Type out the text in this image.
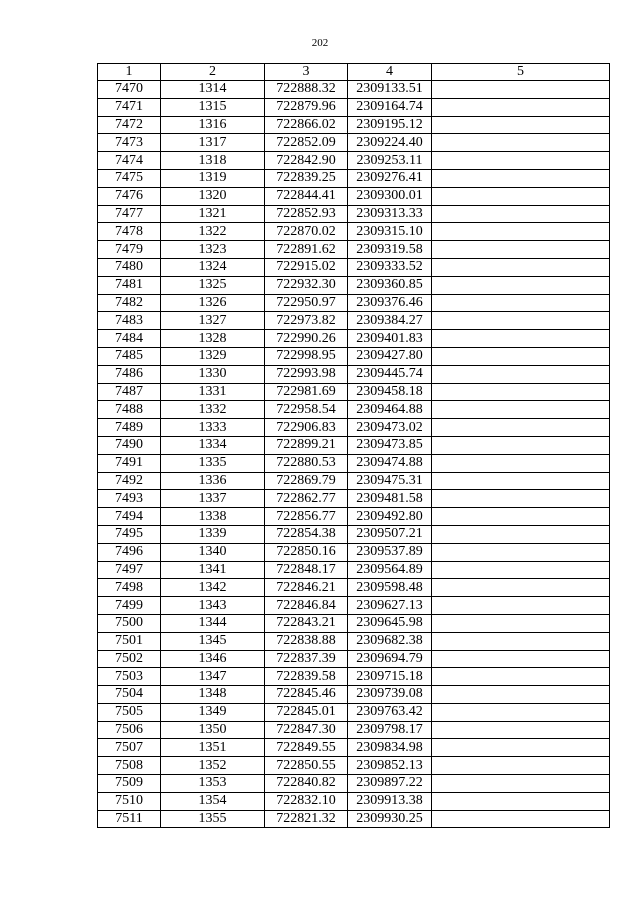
202
1	2	3	4	5
7470	1314	722888.32	2309133.51	
7471	1315	722879.96	2309164.74	
7472	1316	722866.02	2309195.12	
7473	1317	722852.09	2309224.40	
7474	1318	722842.90	2309253.11	
7475	1319	722839.25	2309276.41	
7476	1320	722844.41	2309300.01	
7477	1321	722852.93	2309313.33	
7478	1322	722870.02	2309315.10	
7479	1323	722891.62	2309319.58	
7480	1324	722915.02	2309333.52	
7481	1325	722932.30	2309360.85	
7482	1326	722950.97	2309376.46	
7483	1327	722973.82	2309384.27	
7484	1328	722990.26	2309401.83	
7485	1329	722998.95	2309427.80	
7486	1330	722993.98	2309445.74	
7487	1331	722981.69	2309458.18	
7488	1332	722958.54	2309464.88	
7489	1333	722906.83	2309473.02	
7490	1334	722899.21	2309473.85	
7491	1335	722880.53	2309474.88	
7492	1336	722869.79	2309475.31	
7493	1337	722862.77	2309481.58	
7494	1338	722856.77	2309492.80	
7495	1339	722854.38	2309507.21	
7496	1340	722850.16	2309537.89	
7497	1341	722848.17	2309564.89	
7498	1342	722846.21	2309598.48	
7499	1343	722846.84	2309627.13	
7500	1344	722843.21	2309645.98	
7501	1345	722838.88	2309682.38	
7502	1346	722837.39	2309694.79	
7503	1347	722839.58	2309715.18	
7504	1348	722845.46	2309739.08	
7505	1349	722845.01	2309763.42	
7506	1350	722847.30	2309798.17	
7507	1351	722849.55	2309834.98	
7508	1352	722850.55	2309852.13	
7509	1353	722840.82	2309897.22	
7510	1354	722832.10	2309913.38	
7511	1355	722821.32	2309930.25	
